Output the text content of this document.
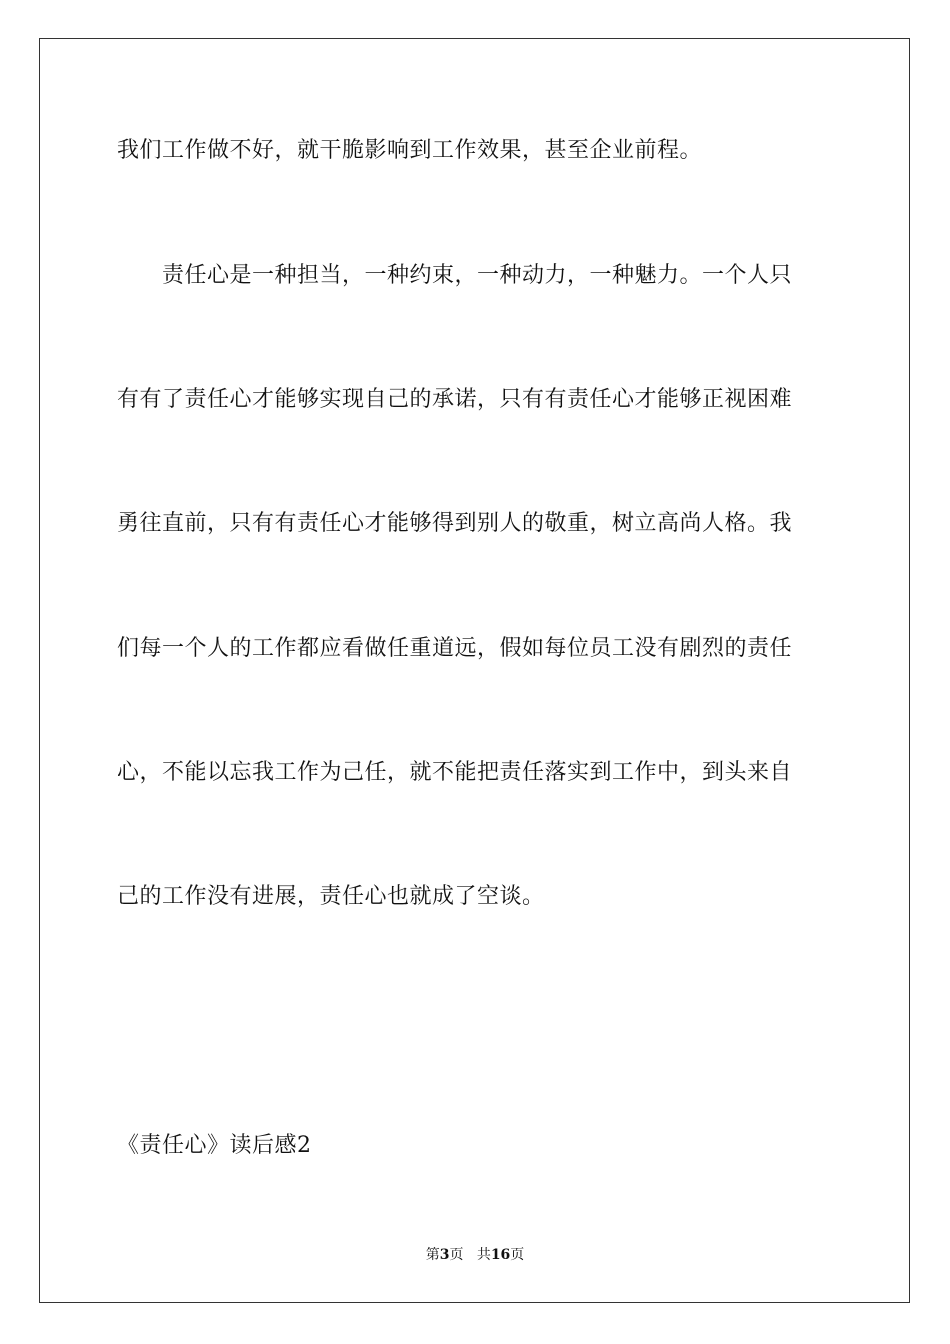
我们工作做不好，就干脆影响到工作效果，甚至企业前程。
　　责任心是一种担当，一种约束，一种动力，一种魅力。一个人只
有有了责任心才能够实现自己的承诺，只有有责任心才能够正视困难
勇往直前，只有有责任心才能够得到别人的敬重，树立高尚人格。我
们每一个人的工作都应看做任重道远，假如每位员工没有剧烈的责任
心，不能以忘我工作为己任，就不能把责任落实到工作中，到头来自
己的工作没有进展，责任心也就成了空谈。
《责任心》读后感2
第3页 共16页
